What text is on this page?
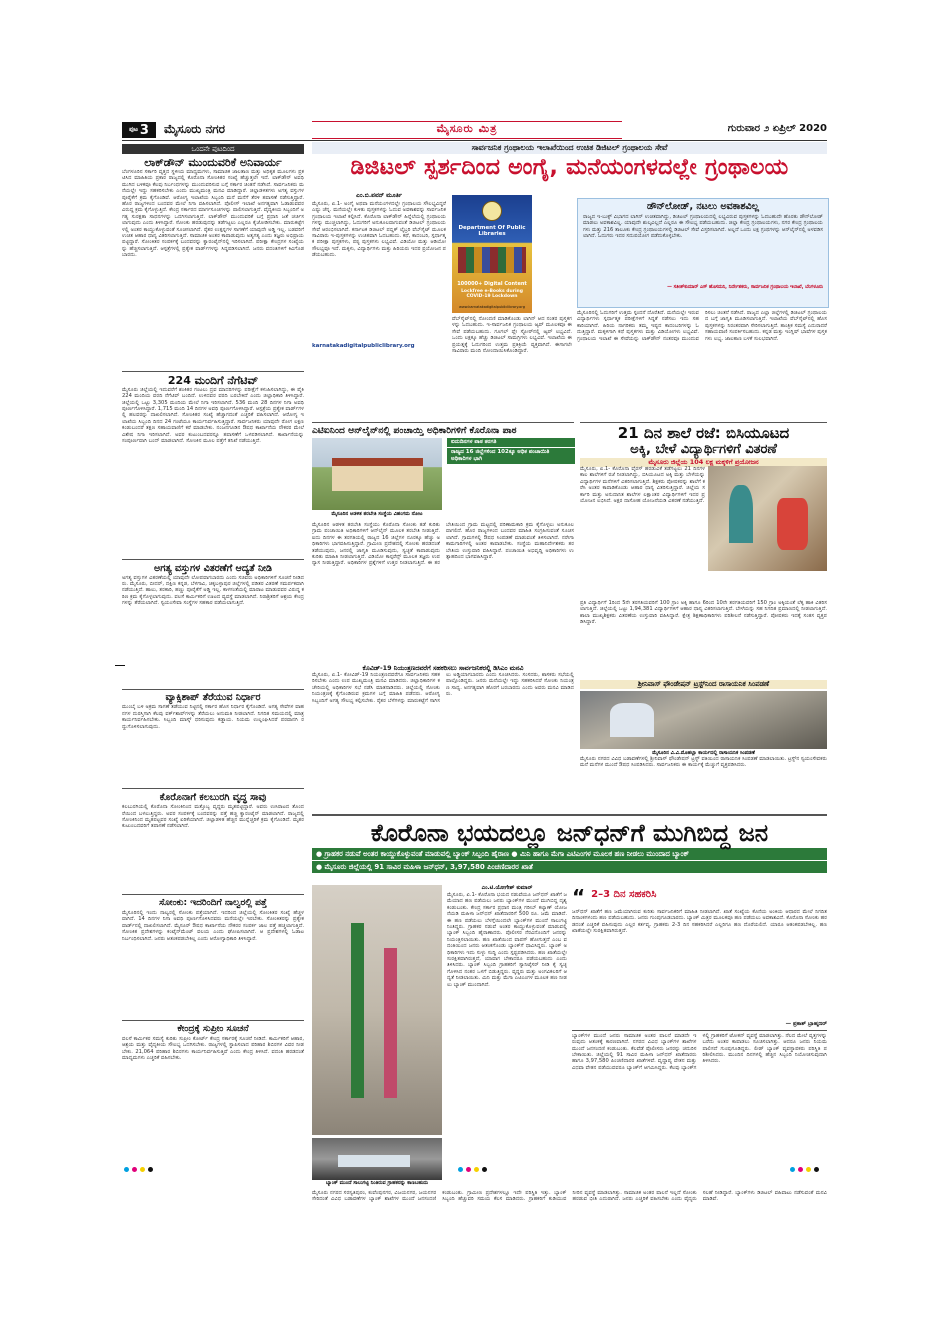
ಪುಟ 3 ಮೈಸೂರು ನಗರ	ಮೈಸೂರು ಮಿತ್ರ	ಗುರುವಾರ ೨ ಏಪ್ರಿಲ್ 2020
ಒಂದನೇ ಪುಟದಿಂದ
ಲಾಕ್‌ಡೌನ್ ಮುಂದುವರಿಕೆ ಅನಿವಾರ್ಯ
ಬೆಂಗಳೂರಿನ ಸರ್ಕಾರಿ ವೃತ್ತದ ಸ್ಥಳೀಯ ಮಾಧ್ಯಮಗಳು, ಸಾಮಾಜಿಕ ಜಾಲತಾಣ ಮತ್ತು ಅಧಿಕೃತ ಮೂಲಗಳು ಪ್ರಕಟಿಸಿದ ಮಾಹಿತಿಯ ಪ್ರಕಾರ ರಾಜ್ಯದಲ್ಲಿ ಕೊರೊನಾ ಸೋಂಕಿತರ ಸಂಖ್ಯೆ ಹೆಚ್ಚುತ್ತಲೇ ಇದೆ. ಲಾಕ್‌ಡೌನ್ ಅವಧಿ ಮುಗಿದ ಬಳಿಕವೂ ಕೆಲವು ನಿರ್ಬಂಧಗಳನ್ನು ಮುಂದುವರಿಸುವ ಬಗ್ಗೆ ಸರ್ಕಾರ ಚಿಂತನೆ ನಡೆಸಿದೆ. ಸಾರ್ವಜನಿಕರು ಮನೆಯಲ್ಲೇ ಇದ್ದು ಸಹಕರಿಸಬೇಕು ಎಂದು ಮುಖ್ಯಮಂತ್ರಿ ಮನವಿ ಮಾಡಿದ್ದಾರೆ. ಜಿಲ್ಲಾಡಳಿತಗಳು ಅಗತ್ಯ ವಸ್ತುಗಳ ಪೂರೈಕೆಗೆ ಕ್ರಮ ಕೈಗೊಂಡಿವೆ. ಆರೋಗ್ಯ ಇಲಾಖೆಯ ಸಿಬ್ಬಂದಿ ಮನೆ ಮನೆಗೆ ತೆರಳಿ ತಪಾಸಣೆ ನಡೆಸುತ್ತಿದ್ದಾರೆ. ಹೊರ ರಾಜ್ಯಗಳಿಂದ ಬಂದವರ ಮೇಲೆ ನಿಗಾ ವಹಿಸಲಾಗಿದೆ. ಪೊಲೀಸ್ ಇಲಾಖೆ ಅನಗತ್ಯವಾಗಿ ಓಡಾಡುವವರ ವಿರುದ್ಧ ಕ್ರಮ ಕೈಗೊಳ್ಳುತ್ತಿದೆ. ಕೇಂದ್ರ ಸರ್ಕಾರದ ಮಾರ್ಗಸೂಚಿಗಳನ್ನು ಪಾಲಿಸಲಾಗುತ್ತಿದೆ. ವೈದ್ಯಕೀಯ ಸಿಬ್ಬಂದಿಗೆ ಅಗತ್ಯ ಸುರಕ್ಷತಾ ಸಾಧನಗಳನ್ನು ಒದಗಿಸಲಾಗುತ್ತಿದೆ. ಲಾಕ್‌ಡೌನ್ ಮುಂದುವರಿಕೆ ಬಗ್ಗೆ ಪ್ರಧಾನಿ ಜತೆ ಚರ್ಚಿಸಲಾಗುವುದು ಎಂದು ತಿಳಿಸಿದ್ದಾರೆ. ಸೋಂಕು ಹರಡುವುದನ್ನು ತಡೆಗಟ್ಟಲು ಎಲ್ಲರೂ ಕೈಜೋಡಿಸಬೇಕು. ಮಾರುಕಟ್ಟೆಗಳಲ್ಲಿ ಅಂತರ ಕಾಯ್ದುಕೊಳ್ಳುವಂತೆ ಸೂಚಿಸಲಾಗಿದೆ. ರೈತರ ಉತ್ಪನ್ನಗಳ ಸಾಗಣೆಗೆ ಯಾವುದೇ ಅಡ್ಡಿ ಇಲ್ಲ. ಬಡವರಿಗೆ ಉಚಿತ ಆಹಾರ ಧಾನ್ಯ ವಿತರಿಸಲಾಗುತ್ತಿದೆ. ಸಾಮಾಜಿಕ ಅಂತರ ಕಾಪಾಡುವುದು ಅತ್ಯಗತ್ಯ ಎಂದು ತಜ್ಞರು ಅಭಿಪ್ರಾಯಪಟ್ಟಿದ್ದಾರೆ. ಸೋಂಕಿತರ ಸಂಪರ್ಕಕ್ಕೆ ಬಂದವರನ್ನು ಕ್ವಾರಂಟೈನ್‌ನಲ್ಲಿ ಇರಿಸಲಾಗಿದೆ. ಪರೀಕ್ಷಾ ಕೇಂದ್ರಗಳ ಸಂಖ್ಯೆಯನ್ನು ಹೆಚ್ಚಿಸಲಾಗುತ್ತಿದೆ. ಆಸ್ಪತ್ರೆಗಳಲ್ಲಿ ಪ್ರತ್ಯೇಕ ವಾರ್ಡ್‌ಗಳನ್ನು ಸಿದ್ಧಪಡಿಸಲಾಗಿದೆ. ಜನರು ವದಂತಿಗಳಿಗೆ ಕಿವಿಗೊಡಬಾರದು.
224 ಮಂದಿಗೆ ನೆಗೆಟಿವ್
ಮೈಸೂರು ಜಿಲ್ಲೆಯಲ್ಲಿ ಇದುವರೆಗೆ ಶಂಕಿತರ ಗಂಟಲು ದ್ರವ ಮಾದರಿಗಳನ್ನು ಪರೀಕ್ಷೆಗೆ ಕಳುಹಿಸಲಾಗಿದ್ದು, ಈ ಪೈಕಿ 224 ಮಂದಿಯ ವರದಿ ನೆಗೆಟಿವ್ ಬಂದಿದೆ. ಉಳಿದವರ ವರದಿ ಬರಬೇಕಿದೆ ಎಂದು ಜಿಲ್ಲಾಧಿಕಾರಿ ತಿಳಿಸಿದ್ದಾರೆ. ಜಿಲ್ಲೆಯಲ್ಲಿ ಒಟ್ಟು 3,305 ಮಂದಿಯ ಮೇಲೆ ನಿಗಾ ಇರಿಸಲಾಗಿದೆ. 536 ಮಂದಿ 28 ದಿನಗಳ ನಿಗಾ ಅವಧಿ ಪೂರ್ಣಗೊಳಿಸಿದ್ದಾರೆ. 1,715 ಮಂದಿ 14 ದಿನಗಳ ಅವಧಿ ಪೂರ್ಣಗೊಳಿಸಿದ್ದಾರೆ. ಆಸ್ಪತ್ರೆಯ ಪ್ರತ್ಯೇಕ ವಾರ್ಡ್‌ಗಳಲ್ಲಿ ಹಲವರನ್ನು ದಾಖಲಿಸಲಾಗಿದೆ. ಸೋಂಕಿತರ ಸಂಖ್ಯೆ ಹೆಚ್ಚಾಗದಂತೆ ಎಚ್ಚರಿಕೆ ವಹಿಸಲಾಗಿದೆ. ಆರೋಗ್ಯ ಇಲಾಖೆಯ ಸಿಬ್ಬಂದಿ ದಿನದ 24 ಗಂಟೆಯೂ ಕಾರ್ಯನಿರ್ವಹಿಸುತ್ತಿದ್ದಾರೆ. ಸಾರ್ವಜನಿಕರು ಯಾವುದೇ ರೋಗ ಲಕ್ಷಣ ಕಂಡುಬಂದರೆ ತಕ್ಷಣ ಸಹಾಯವಾಣಿಗೆ ಕರೆ ಮಾಡಬೇಕು. ನಂಜನಗೂಡಿನ ಔಷಧ ಕಾರ್ಖಾನೆಯ ನೌಕರರ ಮೇಲೆ ವಿಶೇಷ ನಿಗಾ ಇರಿಸಲಾಗಿದೆ. ಅವರ ಕುಟುಂಬದವರನ್ನೂ ತಪಾಸಣೆಗೆ ಒಳಪಡಿಸಲಾಗಿದೆ. ಕಾರ್ಖಾನೆಯನ್ನು ಸಂಪೂರ್ಣವಾಗಿ ಬಂದ್ ಮಾಡಲಾಗಿದೆ. ಸೋಂಕಿನ ಮೂಲ ಪತ್ತೆಗೆ ತನಿಖೆ ನಡೆಯುತ್ತಿದೆ.
ಅಗತ್ಯ ವಸ್ತುಗಳ ವಿತರಣೆಗೆ ಆದ್ಯತೆ ನೀಡಿ
ಅಗತ್ಯ ವಸ್ತುಗಳ ವಿತರಣೆಯಲ್ಲಿ ಯಾವುದೇ ಲೋಪವಾಗಬಾರದು ಎಂದು ಸಚಿವರು ಅಧಿಕಾರಿಗಳಿಗೆ ಸೂಚನೆ ನೀಡಿದರು. ಮೈಸೂರು, ಬೀದರ್, ದಕ್ಷಿಣ ಕನ್ನಡ, ಬೆಳಗಾವಿ, ಚಿಕ್ಕಬಳ್ಳಾಪುರ ಜಿಲ್ಲೆಗಳಲ್ಲಿ ಪಡಿತರ ವಿತರಣೆ ಸಮರ್ಪಕವಾಗಿ ನಡೆಯುತ್ತಿದೆ. ಹಾಲು, ತರಕಾರಿ, ಹಣ್ಣು ಪೂರೈಕೆಗೆ ಅಡ್ಡಿ ಇಲ್ಲ. ಕಾಳಸಂತೆಯಲ್ಲಿ ಮಾರಾಟ ಮಾಡುವವರ ವಿರುದ್ಧ ಕಠಿಣ ಕ್ರಮ ಕೈಗೊಳ್ಳಲಾಗುವುದು. ವಲಸೆ ಕಾರ್ಮಿಕರಿಗೆ ಊಟದ ವ್ಯವಸ್ಥೆ ಮಾಡಲಾಗಿದೆ. ನಿರಾಶ್ರಿತರಿಗೆ ಆಶ್ರಯ ಕೇಂದ್ರಗಳನ್ನು ತೆರೆಯಲಾಗಿದೆ. ಸ್ವಯಂಸೇವಾ ಸಂಸ್ಥೆಗಳ ಸಹಕಾರ ಪಡೆಯಲಾಗುತ್ತಿದೆ.
ವ್ಯಾಕ್ಸಿಶಾಪ್ ತೆರೆಯುವ ನಿರ್ಧಾರ
ಮುಂಬೈ ಬಳಿ ಅಕ್ರಮ ಸಾಗಣೆ ತಡೆಯುವ ನಿಟ್ಟಿನಲ್ಲಿ ಸರ್ಕಾರ ಹೊಸ ನಿರ್ಧಾರ ಕೈಗೊಂಡಿದೆ. ಅಗತ್ಯ ಸೇವೆಗಳ ವಾಹನಗಳ ದುರಸ್ತಿಗಾಗಿ ಕೆಲವು ವರ್ಕ್‌ಶಾಪ್‌ಗಳನ್ನು ತೆರೆಯಲು ಅನುಮತಿ ನೀಡಲಾಗಿದೆ. ನಿಗದಿತ ಸಮಯದಲ್ಲಿ ಮಾತ್ರ ಕಾರ್ಯನಿರ್ವಹಿಸಬೇಕು. ಸಿಬ್ಬಂದಿ ಮಾಸ್ಕ್ ಧರಿಸುವುದು ಕಡ್ಡಾಯ. ನಿಯಮ ಉಲ್ಲಂಘಿಸಿದರೆ ಪರವಾನಗಿ ರದ್ದುಗೊಳಿಸಲಾಗುವುದು.
ಕೊರೊನಾಗೆ ಕಲಬುರಗಿ ವೃದ್ಧ ಸಾವು
ಕಲಬುರಗಿಯಲ್ಲಿ ಕೊರೊನಾ ಸೋಂಕಿನಿಂದ ಮತ್ತೊಬ್ಬ ವೃದ್ಧರು ಮೃತಪಟ್ಟಿದ್ದಾರೆ. ಅವರು ಉಸಿರಾಟದ ತೊಂದರೆಯಿಂದ ಬಳಲುತ್ತಿದ್ದರು. ಅವರ ಸಂಪರ್ಕಕ್ಕೆ ಬಂದವರನ್ನು ಪತ್ತೆ ಹಚ್ಚಿ ಕ್ವಾರಂಟೈನ್ ಮಾಡಲಾಗಿದೆ. ರಾಜ್ಯದಲ್ಲಿ ಸೋಂಕಿನಿಂದ ಮೃತಪಟ್ಟವರ ಸಂಖ್ಯೆ ಏರಿಕೆಯಾಗಿದೆ. ಜಿಲ್ಲಾಡಳಿತ ಹೆಚ್ಚಿನ ಮುನ್ನೆಚ್ಚರಿಕೆ ಕ್ರಮ ಕೈಗೊಂಡಿದೆ. ಮೃತರ ಕುಟುಂಬದವರಿಗೆ ತಪಾಸಣೆ ನಡೆಸಲಾಗಿದೆ.
ಸೋಂಕು: ಇದರಿಂದಿಗೆ ನಾಲ್ವರಲ್ಲಿ ಪತ್ತೆ
ಮೈಸೂರಿನಲ್ಲಿ ಇಂದು ನಾಲ್ವರಲ್ಲಿ ಸೋಂಕು ಪತ್ತೆಯಾಗಿದೆ. ಇದರಿಂದ ಜಿಲ್ಲೆಯಲ್ಲಿ ಸೋಂಕಿತರ ಸಂಖ್ಯೆ ಹೆಚ್ಚಳವಾಗಿದೆ. 14 ದಿನಗಳ ನಿಗಾ ಅವಧಿ ಪೂರ್ಣಗೊಳಿಸಿದವರು ಮನೆಯಲ್ಲೇ ಇರಬೇಕು. ಸೋಂಕಿತರನ್ನು ಪ್ರತ್ಯೇಕ ವಾರ್ಡ್‌ನಲ್ಲಿ ದಾಖಲಿಸಲಾಗಿದೆ. ಮೈಸೂರ್ ಔಷಧ ಕಾರ್ಖಾನೆಯ ನೌಕರರ ಸಂಪರ್ಕ ಜಾಲ ಪತ್ತೆ ಹಚ್ಚಲಾಗುತ್ತಿದೆ. ಸೋಂಕಿತ ಪ್ರದೇಶಗಳನ್ನು ಕಂಟೈನ್‌ಮೆಂಟ್ ವಲಯ ಎಂದು ಘೋಷಿಸಲಾಗಿದೆ. ಆ ಪ್ರದೇಶಗಳಲ್ಲಿ ಓಡಾಟ ನಿರ್ಬಂಧಿಸಲಾಗಿದೆ. ಜನರು ಆತಂಕಪಡಬೇಕಿಲ್ಲ ಎಂದು ಆರೋಗ್ಯಾಧಿಕಾರಿ ತಿಳಿಸಿದ್ದಾರೆ.
ಕೇಂದ್ರಕ್ಕೆ ಸುಪ್ರೀಂ ಸೂಚನೆ
ವಲಸೆ ಕಾರ್ಮಿಕರ ಸಮಸ್ಯೆ ಕುರಿತು ಸುಪ್ರೀಂ ಕೋರ್ಟ್ ಕೇಂದ್ರ ಸರ್ಕಾರಕ್ಕೆ ಸೂಚನೆ ನೀಡಿದೆ. ಕಾರ್ಮಿಕರಿಗೆ ಆಹಾರ, ಆಶ್ರಯ ಮತ್ತು ವೈದ್ಯಕೀಯ ಸೌಲಭ್ಯ ಒದಗಿಸಬೇಕು. ರಾಜ್ಯಗಳಲ್ಲಿ ಸ್ಥಾಪಿಸಲಾದ ಪರಿಹಾರ ಶಿಬಿರಗಳ ವಿವರ ನೀಡಬೇಕು. 21,064 ಪರಿಹಾರ ಶಿಬಿರಗಳು ಕಾರ್ಯನಿರ್ವಹಿಸುತ್ತಿವೆ ಎಂದು ಕೇಂದ್ರ ತಿಳಿಸಿದೆ. ವದಂತಿ ಹರಡದಂತೆ ಮಾಧ್ಯಮಗಳು ಎಚ್ಚರಿಕೆ ವಹಿಸಬೇಕು.
ಸಾರ್ವಜನಿಕ ಗ್ರಂಥಾಲಯ ಇಲಾಖೆಯಿಂದ ಉಚಿತ ಡಿಜಿಟಲ್ ಗ್ರಂಥಾಲಯ ಸೇವೆ
ಡಿಜಿಟಲ್ ಸ್ಪರ್ಶದಿಂದ ಅಂಗೈ, ಮನೆಯಂಗಳದಲ್ಲೇ ಗ್ರಂಥಾಲಯ
ಎಂ.ಬಿ.ಪವನ್ ಮೂರ್ತಿ
ಮೈಸೂರು, ಏ.1- ಅಂಗೈ ಅಥವಾ ಮನೆಯಂಗಳದಲ್ಲೇ ಗ್ರಂಥಾಲಯ ಸೌಲಭ್ಯವಿದ್ದರೆ ಎಷ್ಟು ಚೆನ್ನ. ಮನೆಯಲ್ಲೇ ಕುಳಿತು ಪುಸ್ತಕಗಳನ್ನು ಓದುವ ಅವಕಾಶವನ್ನು ಸಾರ್ವಜನಿಕ ಗ್ರಂಥಾಲಯ ಇಲಾಖೆ ಕಲ್ಪಿಸಿದೆ. ಕೊರೊನಾ ಲಾಕ್‌ಡೌನ್ ಹಿನ್ನೆಲೆಯಲ್ಲಿ ಗ್ರಂಥಾಲಯಗಳನ್ನು ಮುಚ್ಚಲಾಗಿದ್ದು, ಓದುಗರಿಗೆ ಅನುಕೂಲವಾಗುವಂತೆ ಡಿಜಿಟಲ್ ಗ್ರಂಥಾಲಯ ಸೇವೆ ಆರಂಭಿಸಲಾಗಿದೆ. ಕರ್ನಾಟಕ ಡಿಜಿಟಲ್ ಪಬ್ಲಿಕ್ ಲೈಬ್ರರಿ ವೆಬ್‌ಸೈಟ್ ಮೂಲಕ ಸಾವಿರಾರು ಇ-ಪುಸ್ತಕಗಳನ್ನು ಉಚಿತವಾಗಿ ಓದಬಹುದು. ಕಥೆ, ಕಾದಂಬರಿ, ಸ್ಪರ್ಧಾತ್ಮಕ ಪರೀಕ್ಷಾ ಪುಸ್ತಕಗಳು, ಪಠ್ಯ ಪುಸ್ತಕಗಳು ಲಭ್ಯವಿವೆ. ವಿಡಿಯೋ ಮತ್ತು ಆಡಿಯೋ ಸೌಲಭ್ಯವೂ ಇದೆ. ಮಕ್ಕಳು, ವಿದ್ಯಾರ್ಥಿಗಳು ಮತ್ತು ಹಿರಿಯರು ಇದರ ಪ್ರಯೋಜನ ಪಡೆಯಬಹುದು.
karnatakadigitalpubliclibrary.org
Department Of Public Libraries
100000+ Digital Content
Lockfree e-Books during COVID-19 Lockdown
www.karnatakadigitalpubliclibrary.org
ವೆಬ್‌ಸೈಟ್‌ನಲ್ಲಿ ನೋಂದಣಿ ಮಾಡಿಕೊಂಡು ಲಾಗಿನ್ ಆದ ನಂತರ ಪುಸ್ತಕಗಳನ್ನು ಓದಬಹುದು. ಇ-ಸಾರ್ವಜನಿಕ ಗ್ರಂಥಾಲಯ ಆ್ಯಪ್ ಮೂಲಕವೂ ಈ ಸೇವೆ ಪಡೆಯಬಹುದು. ಗೂಗಲ್ ಪ್ಲೇ ಸ್ಟೋರ್‌ನಲ್ಲಿ ಆ್ಯಪ್ ಲಭ್ಯವಿದೆ. ಒಂದು ಲಕ್ಷಕ್ಕೂ ಹೆಚ್ಚು ಡಿಜಿಟಲ್ ಸಾಮಗ್ರಿಗಳು ಲಭ್ಯವಿವೆ. ಇಲಾಖೆಯ ಈ ಪ್ರಯತ್ನಕ್ಕೆ ಓದುಗರಿಂದ ಉತ್ತಮ ಪ್ರತಿಕ್ರಿಯೆ ವ್ಯಕ್ತವಾಗಿದೆ. ಈಗಾಗಲೇ ಸಾವಿರಾರು ಮಂದಿ ನೋಂದಾಯಿಸಿಕೊಂಡಿದ್ದಾರೆ.
ಡೌನ್‌ಲೋಡ್, ನಟಲು ಅವಕಾಶವಿಲ್ಲ
ರಾಜ್ಯದ ಇ-ಬುಕ್ಸ್ ವಿಭಾಗದ ಲಾಗಿನ್ ಉಚಿತವಾಗಿದ್ದು, ಡಿಜಿಟಲ್ ಗ್ರಂಥಾಲಯದಲ್ಲಿ ಲಭ್ಯವಿರುವ ಪುಸ್ತಕಗಳನ್ನು ಓದಬಹುದೇ ಹೊರತು ಡೌನ್‌ಲೋಡ್ ಮಾಡಲು ಅವಕಾಶವಿಲ್ಲ. ಯಾವುದೇ ಶುಲ್ಕವಿಲ್ಲದೆ ಎಲ್ಲರೂ ಈ ಸೌಲಭ್ಯ ಪಡೆಯಬಹುದು. ಜಿಲ್ಲಾ ಕೇಂದ್ರ ಗ್ರಂಥಾಲಯಗಳು, ನಗರ ಕೇಂದ್ರ ಗ್ರಂಥಾಲಯಗಳು ಮತ್ತು 216 ತಾಲೂಕು ಕೇಂದ್ರ ಗ್ರಂಥಾಲಯಗಳಲ್ಲಿ ಡಿಜಿಟಲ್ ಸೇವೆ ವಿಸ್ತರಿಸಲಾಗಿದೆ. ಅಲ್ಲದೆ ಒಂದು ಲಕ್ಷ ಗ್ರಂಥಗಳನ್ನು ಆನ್‌ಲೈನ್‌ನಲ್ಲಿ ಅಳವಡಿಸಲಾಗಿದೆ. ಓದುಗರು ಇದರ ಸದುಪಯೋಗ ಪಡೆದುಕೊಳ್ಳಬೇಕು.
— ಸತೀಶ್‌ಕುಮಾರ್ ಎಸ್ ಹೊಸಮನಿ, ನಿರ್ದೇಶಕರು, ಸಾರ್ವಜನಿಕ ಗ್ರಂಥಾಲಯ ಇಲಾಖೆ, ಬೆಂಗಳೂರು
ಮೈಸೂರಿನಲ್ಲಿ ಓದುಗರಿಗೆ ಉತ್ತಮ ಸ್ಪಂದನೆ ದೊರೆತಿದೆ. ಮನೆಯಲ್ಲೇ ಇರುವ ವಿದ್ಯಾರ್ಥಿಗಳು ಸ್ಪರ್ಧಾತ್ಮಕ ಪರೀಕ್ಷೆಗಳಿಗೆ ಸಿದ್ಧತೆ ನಡೆಸಲು ಇದು ಸಹಕಾರಿಯಾಗಿದೆ. ಹಿರಿಯ ನಾಗರಿಕರು ತಮ್ಮ ಇಷ್ಟದ ಕಾದಂಬರಿಗಳನ್ನು ಓದುತ್ತಿದ್ದಾರೆ. ಮಕ್ಕಳಿಗಾಗಿ ಕಥೆ ಪುಸ್ತಕಗಳು ಮತ್ತು ವಿಡಿಯೋಗಳು ಲಭ್ಯವಿವೆ. ಗ್ರಂಥಾಲಯ ಇಲಾಖೆ ಈ ಸೇವೆಯನ್ನು ಲಾಕ್‌ಡೌನ್ ನಂತರವೂ ಮುಂದುವರಿಸಲು ಚಿಂತನೆ ನಡೆಸಿದೆ. ರಾಜ್ಯದ ಎಲ್ಲಾ ಜಿಲ್ಲೆಗಳಲ್ಲಿ ಡಿಜಿಟಲ್ ಗ್ರಂಥಾಲಯದ ಬಗ್ಗೆ ಜಾಗೃತಿ ಮೂಡಿಸಲಾಗುತ್ತಿದೆ. ಇಲಾಖೆಯ ವೆಬ್‌ಸೈಟ್‌ನಲ್ಲಿ ಹೊಸ ಪುಸ್ತಕಗಳನ್ನು ನಿರಂತರವಾಗಿ ಸೇರಿಸಲಾಗುತ್ತಿದೆ. ತಾಂತ್ರಿಕ ಸಮಸ್ಯೆ ಎದುರಾದರೆ ಸಹಾಯವಾಣಿ ಸಂಪರ್ಕಿಸಬಹುದು. ಕನ್ನಡ ಮತ್ತು ಇಂಗ್ಲಿಷ್ ಭಾಷೆಗಳ ಪುಸ್ತಕಗಳು ಲಭ್ಯ. ಜಾಲತಾಣ ಬಳಕೆ ಸುಲಭವಾಗಿದೆ.
ಎಟಿಐನಿಂದ ಆನ್‌ಲೈನ್‌ನಲ್ಲಿ ಪಂಚಾಯ್ತಿ ಅಧಿಕಾರಿಗಳಿಗೆ ಕೊರೊನಾ ಪಾಠ
ಮೈಸೂರಿನ ಆಡಳಿತ ತರಬೇತಿ ಸಂಸ್ಥೆಯ ವಿಹಂಗಮ ನೋಟ
ಐದುದಿನಗಳ ಪಾಠ ತರಗತಿ
ರಾಜ್ಯದ 16 ಜಿಲ್ಲೆಗಳಿಂದ 102ಕ್ಕೂ ಅಧಿಕ ಪಂಚಾಯಿತಿ ಅಧಿಕಾರಿಗಳ ಭಾಗಿ
ಮೈಸೂರಿನ ಆಡಳಿತ ತರಬೇತಿ ಸಂಸ್ಥೆಯು ಕೊರೊನಾ ಸೋಂಕು ತಡೆ ಕುರಿತು ಗ್ರಾಮ ಪಂಚಾಯಿತಿ ಅಧಿಕಾರಿಗಳಿಗೆ ಆನ್‌ಲೈನ್ ಮೂಲಕ ತರಬೇತಿ ನೀಡುತ್ತಿದೆ. ಐದು ದಿನಗಳ ಈ ತರಗತಿಯಲ್ಲಿ ರಾಜ್ಯದ 16 ಜಿಲ್ಲೆಗಳ ನೂರಕ್ಕೂ ಹೆಚ್ಚು ಅಧಿಕಾರಿಗಳು ಭಾಗವಹಿಸುತ್ತಿದ್ದಾರೆ. ಗ್ರಾಮೀಣ ಪ್ರದೇಶದಲ್ಲಿ ಸೋಂಕು ಹರಡದಂತೆ ತಡೆಯುವುದು, ಜನರಲ್ಲಿ ಜಾಗೃತಿ ಮೂಡಿಸುವುದು, ಸ್ವಚ್ಛತೆ ಕಾಪಾಡುವುದು ಕುರಿತು ಮಾಹಿತಿ ನೀಡಲಾಗುತ್ತಿದೆ. ವಿಡಿಯೋ ಕಾನ್ಫರೆನ್ಸ್ ಮೂಲಕ ತಜ್ಞರು ಉಪನ್ಯಾಸ ನೀಡುತ್ತಿದ್ದಾರೆ. ಅಧಿಕಾರಿಗಳ ಪ್ರಶ್ನೆಗಳಿಗೆ ಉತ್ತರ ನೀಡಲಾಗುತ್ತಿದೆ. ಈ ತರಬೇತಿಯಿಂದ ಗ್ರಾಮ ಮಟ್ಟದಲ್ಲಿ ಪರಿಣಾಮಕಾರಿ ಕ್ರಮ ಕೈಗೊಳ್ಳಲು ಅನುಕೂಲವಾಗಲಿದೆ. ಹೊರ ರಾಜ್ಯಗಳಿಂದ ಬಂದವರ ಮಾಹಿತಿ ಸಂಗ್ರಹಿಸುವಂತೆ ಸೂಚಿಸಲಾಗಿದೆ. ಗ್ರಾಮಗಳಲ್ಲಿ ಔಷಧ ಸಿಂಪಡಣೆ ಮಾಡುವಂತೆ ತಿಳಿಸಲಾಗಿದೆ. ನರೇಗಾ ಕಾಮಗಾರಿಗಳಲ್ಲಿ ಅಂತರ ಕಾಪಾಡಬೇಕು. ಸಂಸ್ಥೆಯ ಮಹಾನಿರ್ದೇಶಕರು ತರಬೇತಿಯ ಉಸ್ತುವಾರಿ ವಹಿಸಿದ್ದಾರೆ. ಪಂಚಾಯಿತಿ ಅಭಿವೃದ್ಧಿ ಅಧಿಕಾರಿಗಳು ಉತ್ಸಾಹದಿಂದ ಭಾಗವಹಿಸಿದ್ದಾರೆ.
ಕೊವಿಡ್-19 ನಿಯಂತ್ರಣದವರೆಗೆ ಸಹಕರಿಸಲು ಸಾರ್ವಜನಿಕರಲ್ಲಿ ಡಿಸಿಎಂ ಮನವಿ
ಮೈಸೂರು, ಏ.1- ಕೋವಿಡ್-19 ನಿಯಂತ್ರಣದವರೆಗೂ ಸಾರ್ವಜನಿಕರು ಸಹಕರಿಸಬೇಕು ಎಂದು ಉಪ ಮುಖ್ಯಮಂತ್ರಿ ಮನವಿ ಮಾಡಿದರು. ಜಿಲ್ಲಾಧಿಕಾರಿಗಳ ಕಚೇರಿಯಲ್ಲಿ ಅಧಿಕಾರಿಗಳ ಸಭೆ ನಡೆಸಿ ಮಾತನಾಡಿದರು. ಜಿಲ್ಲೆಯಲ್ಲಿ ಸೋಂಕು ನಿಯಂತ್ರಣಕ್ಕೆ ಕೈಗೊಂಡಿರುವ ಕ್ರಮಗಳ ಬಗ್ಗೆ ಮಾಹಿತಿ ಪಡೆದರು. ಆರೋಗ್ಯ ಸಿಬ್ಬಂದಿಗೆ ಅಗತ್ಯ ಸೌಲಭ್ಯ ಕಲ್ಪಿಸಬೇಕು. ರೈತರ ಬೆಳೆಗಳನ್ನು ಮಾರುಕಟ್ಟೆಗೆ ಸಾಗಿಸಲು ಅಡ್ಡಿಯಾಗಬಾರದು ಎಂದು ಸೂಚಿಸಿದರು. ಸಂಸದರು, ಶಾಸಕರು ಸಭೆಯಲ್ಲಿ ಪಾಲ್ಗೊಂಡಿದ್ದರು. ಜನರು ಮನೆಯಲ್ಲೇ ಇದ್ದು ಸಹಕರಿಸಿದರೆ ಸೋಂಕು ನಿಯಂತ್ರಣ ಸಾಧ್ಯ. ಅನಗತ್ಯವಾಗಿ ಹೊರಗೆ ಬರಬಾರದು ಎಂದು ಅವರು ಮನವಿ ಮಾಡಿದರು.
21 ದಿನ ಶಾಲೆ ರಜೆ: ಬಿಸಿಯೂಟದ
ಅಕ್ಕಿ, ಬೇಳೆ ವಿದ್ಯಾರ್ಥಿಗಳಿಗೆ ವಿತರಣೆ
ಮೈಸೂರು ಜಿಲ್ಲೆಯ 104 ಲಕ್ಷ ಮಕ್ಕಳಿಗೆ ಪ್ರಯೋಜನ
ಮೈಸೂರು, ಏ.1- ಕೊರೊನಾ ವೈರಸ್ ಹರಡುವಿಕೆ ತಡೆಗಟ್ಟಲು 21 ದಿನಗಳ ಕಾಲ ಶಾಲೆಗಳಿಗೆ ರಜೆ ನೀಡಲಾಗಿದ್ದು, ಬಿಸಿಯೂಟದ ಅಕ್ಕಿ ಮತ್ತು ಬೇಳೆಯನ್ನು ವಿದ್ಯಾರ್ಥಿಗಳ ಮನೆಗಳಿಗೆ ವಿತರಿಸಲಾಗುತ್ತಿದೆ. ಶಿಕ್ಷಕರು ಪೋಷಕರನ್ನು ಶಾಲೆಗೆ ಕರೆಸಿ ಅಂತರ ಕಾಪಾಡಿಕೊಂಡು ಆಹಾರ ಧಾನ್ಯ ವಿತರಿಸುತ್ತಿದ್ದಾರೆ. ಜಿಲ್ಲೆಯ ಸರ್ಕಾರಿ ಮತ್ತು ಅನುದಾನಿತ ಶಾಲೆಗಳ ಲಕ್ಷಾಂತರ ವಿದ್ಯಾರ್ಥಿಗಳಿಗೆ ಇದರ ಪ್ರಯೋಜನ ಲಭಿಸಿದೆ. ಅಕ್ಷರ ದಾಸೋಹ ಯೋಜನೆಯಡಿ ವಿತರಣೆ ನಡೆಯುತ್ತಿದೆ.
ಪ್ರತಿ ವಿದ್ಯಾರ್ಥಿಗೆ 1ರಿಂದ 5ನೇ ತರಗತಿಯವರಿಗೆ 100 ಗ್ರಾಂ ಅಕ್ಕಿ ಹಾಗೂ 6ರಿಂದ 10ನೇ ತರಗತಿಯವರಿಗೆ 150 ಗ್ರಾಂ ಅಕ್ಕಿಯಂತೆ ಲೆಕ್ಕ ಹಾಕಿ ವಿತರಿಸಲಾಗುತ್ತಿದೆ. ಜಿಲ್ಲೆಯಲ್ಲಿ ಒಟ್ಟು 1,94,381 ವಿದ್ಯಾರ್ಥಿಗಳಿಗೆ ಆಹಾರ ಧಾನ್ಯ ವಿತರಿಸಲಾಗುತ್ತಿದೆ. ಬೇಳೆಯನ್ನು ಸಹ ನಿಗದಿತ ಪ್ರಮಾಣದಲ್ಲಿ ನೀಡಲಾಗುತ್ತಿದೆ. ಶಾಲಾ ಮುಖ್ಯಶಿಕ್ಷಕರು ವಿತರಣೆಯ ಉಸ್ತುವಾರಿ ವಹಿಸಿದ್ದಾರೆ. ಕ್ಷೇತ್ರ ಶಿಕ್ಷಣಾಧಿಕಾರಿಗಳು ಪರಿಶೀಲನೆ ನಡೆಸುತ್ತಿದ್ದಾರೆ. ಪೋಷಕರು ಇದಕ್ಕೆ ಸಂತಸ ವ್ಯಕ್ತಪಡಿಸಿದ್ದಾರೆ.
ಶ್ರೀನಿವಾಸ್ ಫೌಂಡೇಷನ್ ಟ್ರಸ್ಟ್‌ನಿಂದ ರಾಸಾಯನಿಕ ಸಿಂಪಡಣೆ
ಮೈಸೂರಿನ ವಿ.ವಿ.ಮೊಹಲ್ಲಾ ಕಾರ್ಯದಲ್ಲಿ ರಾಸಾಯನಿಕ ಸಿಂಪಡಣೆ
ಮೈಸೂರು ನಗರದ ವಿವಿಧ ಬಡಾವಣೆಗಳಲ್ಲಿ ಶ್ರೀನಿವಾಸ್ ಫೌಂಡೇಷನ್ ಟ್ರಸ್ಟ್ ವತಿಯಿಂದ ರಾಸಾಯನಿಕ ಸಿಂಪಡಣೆ ಮಾಡಲಾಯಿತು. ಟ್ರಸ್ಟ್‌ನ ಸ್ವಯಂಸೇವಕರು ಮನೆ ಮನೆಗಳ ಮುಂದೆ ಔಷಧ ಸಿಂಪಡಿಸಿದರು. ಸಾರ್ವಜನಿಕರು ಈ ಕಾರ್ಯಕ್ಕೆ ಮೆಚ್ಚುಗೆ ವ್ಯಕ್ತಪಡಿಸಿದರು.
ಕೊರೊನಾ ಭಯದಲ್ಲೂ ಜನ್‌ಧನ್‌ಗೆ ಮುಗಿಬಿದ್ದ ಜನ
● ಗ್ರಾಹಕರ ನಡುವೆ ಅಂತರ ಕಾಯ್ದುಕೊಳ್ಳುವಂತೆ ಮಾಡುವಲ್ಲಿ ಬ್ಯಾಂಕ್ ಸಿಬ್ಬಂದಿ ಹೈರಾಣ ● ಮಿನಿ ಹಾಗೂ ಮೆಗಾ ಎಟಿಎಂಗಳ ಮೂಲಕ ಹಣ ನೀಡಲು ಮುಂದಾದ ಬ್ಯಾಂಕ್
● ಮೈಸೂರು ಜಿಲ್ಲೆಯಲ್ಲಿ 91 ಸಾವಿರ ಮಹಿಳಾ ಜನ್‌ಧನ್, 3,97,580 ಪಿಂಚಣಿದಾರರ ಖಾತೆ
ಎಂ.ಟಿ.ಯೋಗೇಶ್ ಕುಮಾರ್
ಮೈಸೂರು, ಏ.1- ಕೊರೊನಾ ಭಯದ ನಡುವೆಯೂ ಜನ್‌ಧನ್ ಖಾತೆಗೆ ಜಮೆಯಾದ ಹಣ ಪಡೆಯಲು ಜನರು ಬ್ಯಾಂಕ್‌ಗಳ ಮುಂದೆ ಮುಗಿಬಿದ್ದ ದೃಶ್ಯ ಕಂಡುಬಂತು. ಕೇಂದ್ರ ಸರ್ಕಾರ ಪ್ರಧಾನ ಮಂತ್ರಿ ಗರೀಬ್ ಕಲ್ಯಾಣ್ ಯೋಜನೆಯಡಿ ಮಹಿಳಾ ಜನ್‌ಧನ್ ಖಾತೆದಾರರಿಗೆ 500 ರೂ. ಜಮೆ ಮಾಡಿದೆ. ಈ ಹಣ ಪಡೆಯಲು ಬೆಳಗ್ಗೆಯಿಂದಲೇ ಬ್ಯಾಂಕ್‌ಗಳ ಮುಂದೆ ಸಾಲುಗಟ್ಟಿ ನಿಂತಿದ್ದರು. ಗ್ರಾಹಕರ ನಡುವೆ ಅಂತರ ಕಾಯ್ದುಕೊಳ್ಳುವಂತೆ ಮಾಡುವಲ್ಲಿ ಬ್ಯಾಂಕ್ ಸಿಬ್ಬಂದಿ ಹೈರಾಣಾದರು. ಪೊಲೀಸರ ನೆರವಿನೊಂದಿಗೆ ಜನರನ್ನು ನಿಯಂತ್ರಿಸಲಾಯಿತು. ಹಣ ಖಾತೆಯಿಂದ ವಾಪಸ್ ಹೋಗುತ್ತದೆ ಎಂಬ ವದಂತಿಯಿಂದ ಜನರು ಆತಂಕಗೊಂಡು ಬ್ಯಾಂಕ್‌ಗೆ ಧಾವಿಸಿದ್ದರು. ಬ್ಯಾಂಕ್ ಅಧಿಕಾರಿಗಳು ಇದು ಸುಳ್ಳು ಸುದ್ದಿ ಎಂದು ಸ್ಪಷ್ಟಪಡಿಸಿದರು. ಹಣ ಖಾತೆಯಲ್ಲೇ ಸುರಕ್ಷಿತವಾಗಿರುತ್ತದೆ, ಯಾವಾಗ ಬೇಕಾದರೂ ಪಡೆಯಬಹುದು ಎಂದು ತಿಳಿಸಿದರು. ಬ್ಯಾಂಕ್ ಸಿಬ್ಬಂದಿ ಗ್ರಾಹಕರಿಗೆ ಸ್ಯಾನಿಟೈಸರ್ ನೀಡಿ ಕೈ ಸ್ವಚ್ಛಗೊಳಿಸಿದ ನಂತರ ಒಳಗೆ ಬಿಡುತ್ತಿದ್ದರು. ವೃದ್ಧರು ಮತ್ತು ಅಂಗವಿಕಲರಿಗೆ ಆದ್ಯತೆ ನೀಡಲಾಯಿತು. ಮಿನಿ ಮತ್ತು ಮೆಗಾ ಎಟಿಎಂಗಳ ಮೂಲಕ ಹಣ ನೀಡಲು ಬ್ಯಾಂಕ್ ಮುಂದಾಗಿದೆ.
“ 2–3 ದಿನ ಸಹಕರಿಸಿ
ಜನ್‌ಧನ್ ಖಾತೆಗೆ ಹಣ ಜಮೆಯಾಗಿರುವ ಕುರಿತು ಸಾರ್ವಜನಿಕರಿಗೆ ಮಾಹಿತಿ ನೀಡಲಾಗಿದೆ. ಖಾತೆ ಸಂಖ್ಯೆಯ ಕೊನೆಯ ಅಂಕಿಯ ಆಧಾರದ ಮೇಲೆ ನಿಗದಿತ ದಿನಾಂಕಗಳಂದು ಹಣ ಪಡೆಯಬಹುದು. ಜನರು ಗುಂಪುಗೂಡಬಾರದು. ಬ್ಯಾಂಕ್ ಮಿತ್ರರ ಮೂಲಕವೂ ಹಣ ಪಡೆಯಲು ಅವಕಾಶವಿದೆ. ಕೊರೊನಾ ಸೋಂಕು ಹರಡದಂತೆ ಎಚ್ಚರಿಕೆ ವಹಿಸುವುದು ಎಲ್ಲರ ಕರ್ತವ್ಯ. ಗ್ರಾಹಕರು 2-3 ದಿನ ಸಹಕರಿಸಿದರೆ ಎಲ್ಲರಿಗೂ ಹಣ ದೊರೆಯಲಿದೆ. ಯಾರೂ ಆತಂಕಪಡಬೇಕಿಲ್ಲ. ಹಣ ಖಾತೆಯಲ್ಲೇ ಸುರಕ್ಷಿತವಾಗಿರುತ್ತದೆ.
— ಪ್ರಕಾಶ್ ಬ್ರಾಹ್ಮಣರ್
ಬ್ಯಾಂಕ್‌ಗಳ ಮುಂದೆ ಜನರು ಸಾಮಾಜಿಕ ಅಂತರ ಪಾಲನೆ ಮಾಡದೇ ಇರುವುದು ಆತಂಕಕ್ಕೆ ಕಾರಣವಾಗಿದೆ. ನಗರದ ವಿವಿಧ ಬ್ಯಾಂಕ್‌ಗಳ ಶಾಖೆಗಳ ಮುಂದೆ ಜನಸಂದಣಿ ಕಂಡುಬಂತು. ಕೆಲವೆಡೆ ಪೊಲೀಸರು ಜನರನ್ನು ಚದುರಿಸಬೇಕಾಯಿತು. ಜಿಲ್ಲೆಯಲ್ಲಿ 91 ಸಾವಿರ ಮಹಿಳಾ ಜನ್‌ಧನ್ ಖಾತೆದಾರರು ಹಾಗೂ 3,97,580 ಪಿಂಚಣಿದಾರರ ಖಾತೆಗಳಿವೆ. ವೃದ್ಧಾಪ್ಯ ವೇತನ ಮತ್ತು ವಿಧವಾ ವೇತನ ಪಡೆಯುವವರೂ ಬ್ಯಾಂಕ್‌ಗೆ ಆಗಮಿಸಿದ್ದರು. ಕೆಲವು ಬ್ಯಾಂಕ್‌ಗಳಲ್ಲಿ ಗ್ರಾಹಕರಿಗೆ ಟೋಕನ್ ವ್ಯವಸ್ಥೆ ಮಾಡಲಾಗಿತ್ತು. ನೆಲದ ಮೇಲೆ ವೃತ್ತಗಳನ್ನು ಬರೆದು ಅಂತರ ಕಾಪಾಡಲು ಸೂಚಿಸಲಾಗಿತ್ತು. ಆದರೂ ಜನರು ನಿಯಮ ಪಾಲಿಸದೆ ಗುಂಪುಗೂಡಿದ್ದರು. ಲೀಡ್ ಬ್ಯಾಂಕ್ ವ್ಯವಸ್ಥಾಪಕರು ಪರಿಸ್ಥಿತಿ ಪರಿಶೀಲಿಸಿದರು. ಮುಂದಿನ ದಿನಗಳಲ್ಲಿ ಹೆಚ್ಚಿನ ಸಿಬ್ಬಂದಿ ನಿಯೋಜಿಸುವುದಾಗಿ ತಿಳಿಸಿದರು.
ಬ್ಯಾಂಕ್ ಮುಂದೆ ಸಾಲುಗಟ್ಟಿ ನಿಂತಿರುವ ಗ್ರಾಹಕರನ್ನು ಕಾಣಬಹುದು
ಮೈಸೂರು ನಗರದ ಸರಸ್ವತಿಪುರಂ, ಕುವೆಂಪುನಗರ, ವಿಜಯನಗರ, ಜಯನಗರ ಸೇರಿದಂತೆ ವಿವಿಧ ಬಡಾವಣೆಗಳ ಬ್ಯಾಂಕ್ ಶಾಖೆಗಳ ಮುಂದೆ ಜನಸಂದಣಿ ಕಂಡುಬಂತು. ಗ್ರಾಮೀಣ ಪ್ರದೇಶಗಳಲ್ಲೂ ಇದೇ ಪರಿಸ್ಥಿತಿ ಇತ್ತು. ಬ್ಯಾಂಕ್ ಸಿಬ್ಬಂದಿ ಹೆಚ್ಚುವರಿ ಸಮಯ ಕೆಲಸ ಮಾಡಿದರು. ಗ್ರಾಹಕರಿಗೆ ಕುಡಿಯುವ ನೀರಿನ ವ್ಯವಸ್ಥೆ ಮಾಡಲಾಗಿತ್ತು. ಸಾಮಾಜಿಕ ಅಂತರ ಪಾಲನೆ ಇಲ್ಲದೆ ಸೋಂಕು ಹರಡುವ ಭೀತಿ ಎದುರಾಗಿದೆ. ಜನರು ಎಚ್ಚರಿಕೆ ವಹಿಸಬೇಕು ಎಂದು ವೈದ್ಯರು ಸಲಹೆ ನೀಡಿದ್ದಾರೆ. ಬ್ಯಾಂಕ್‌ಗಳು ಡಿಜಿಟಲ್ ವಹಿವಾಟು ನಡೆಸುವಂತೆ ಮನವಿ ಮಾಡಿವೆ.
